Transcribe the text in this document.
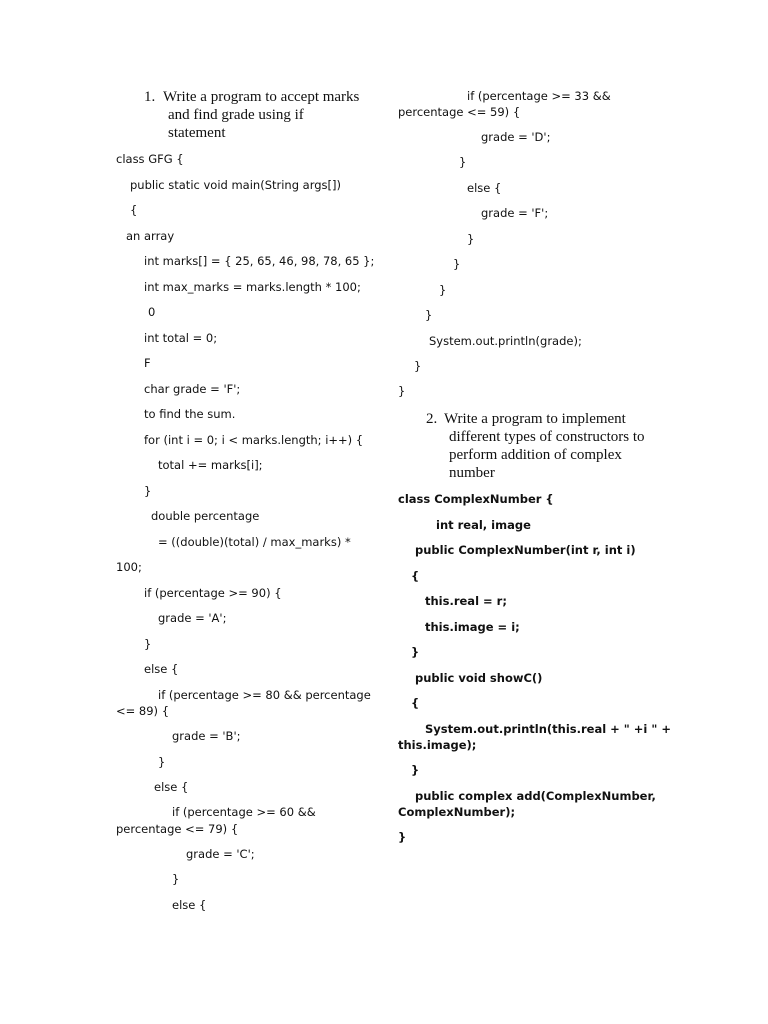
1. Write a program to accept marks
and find grade using if
statement
class GFG {
public static void main(String args[])
{
an array
int marks[] = { 25, 65, 46, 98, 78, 65 };
int max_marks = marks.length * 100;
0
int total = 0;
F
char grade = 'F';
to find the sum.
for (int i = 0; i < marks.length; i++) {
total += marks[i];
}
double percentage
= ((double)(total) / max_marks) *
100;
if (percentage >= 90) {
grade = 'A';
}
else {
if (percentage >= 80 && percentage
<= 89) {
grade = 'B';
}
else {
if (percentage >= 60 &&
percentage <= 79) {
grade = 'C';
}
else {
if (percentage >= 33 &&
percentage <= 59) {
grade = 'D';
}
else {
grade = 'F';
}
}
}
}
System.out.println(grade);
}
}
2. Write a program to implement
different types of constructors to
perform addition of complex
number
class ComplexNumber {
int real, image
public ComplexNumber(int r, int i)
{
this.real = r;
this.image = i;
}
public void showC()
{
System.out.println(this.real + " +i " +
this.image);
}
public complex add(ComplexNumber,
ComplexNumber);
}
